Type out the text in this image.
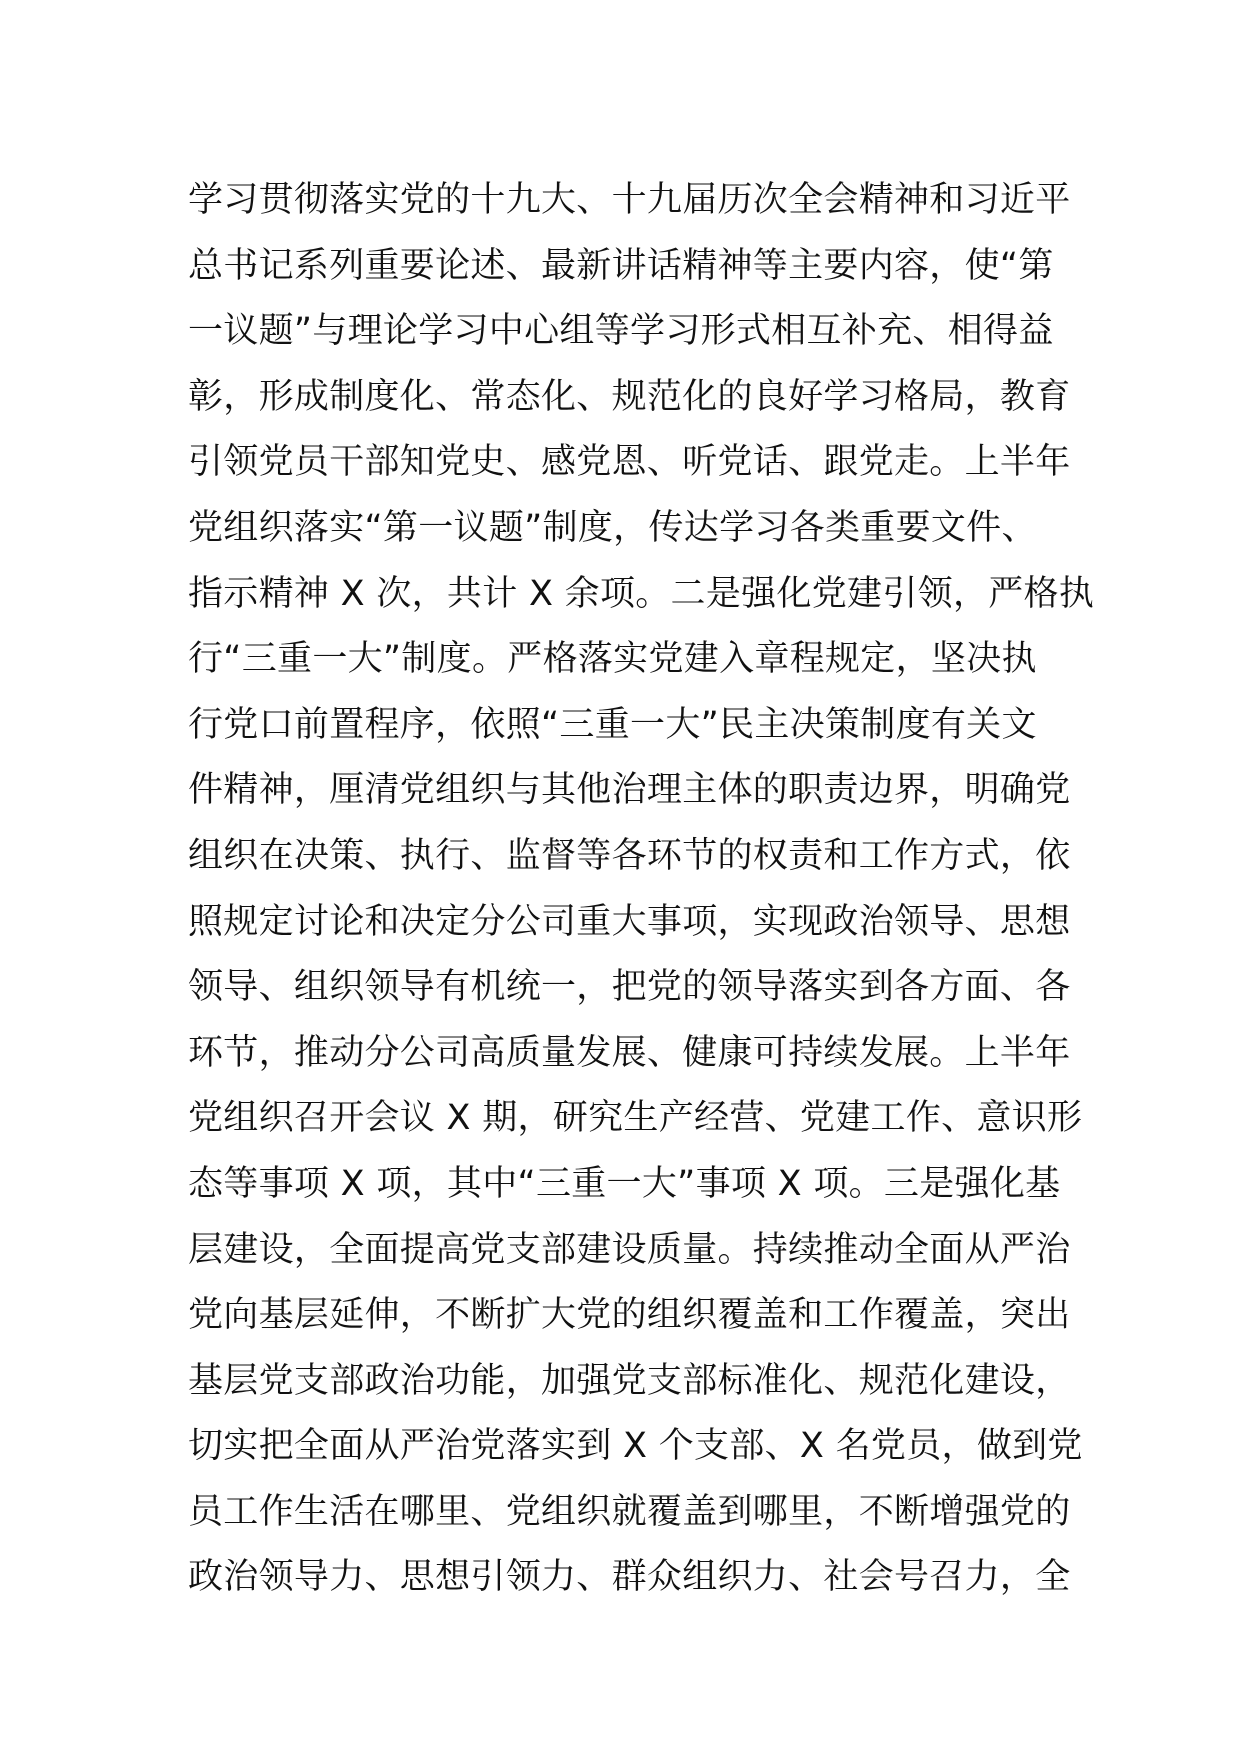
学习贯彻落实党的十九大、十九届历次全会精神和习近平
总书记系列重要论述、最新讲话精神等主要内容，使“第
一议题”与理论学习中心组等学习形式相互补充、相得益
彰，形成制度化、常态化、规范化的良好学习格局，教育
引领党员干部知党史、感党恩、听党话、跟党走。上半年
党组织落实“第一议题”制度，传达学习各类重要文件、
指示精神 X 次，共计 X 余项。二是强化党建引领，严格执
行“三重一大”制度。严格落实党建入章程规定，坚决执
行党口前置程序，依照“三重一大”民主决策制度有关文
件精神，厘清党组织与其他治理主体的职责边界，明确党
组织在决策、执行、监督等各环节的权责和工作方式，依
照规定讨论和决定分公司重大事项，实现政治领导、思想
领导、组织领导有机统一，把党的领导落实到各方面、各
环节，推动分公司高质量发展、健康可持续发展。上半年
党组织召开会议 X 期，研究生产经营、党建工作、意识形
态等事项 X 项，其中“三重一大”事项 X 项。三是强化基
层建设，全面提高党支部建设质量。持续推动全面从严治
党向基层延伸，不断扩大党的组织覆盖和工作覆盖，突出
基层党支部政治功能，加强党支部标准化、规范化建设，
切实把全面从严治党落实到 X 个支部、X 名党员，做到党
员工作生活在哪里、党组织就覆盖到哪里，不断增强党的
政治领导力、思想引领力、群众组织力、社会号召力，全
